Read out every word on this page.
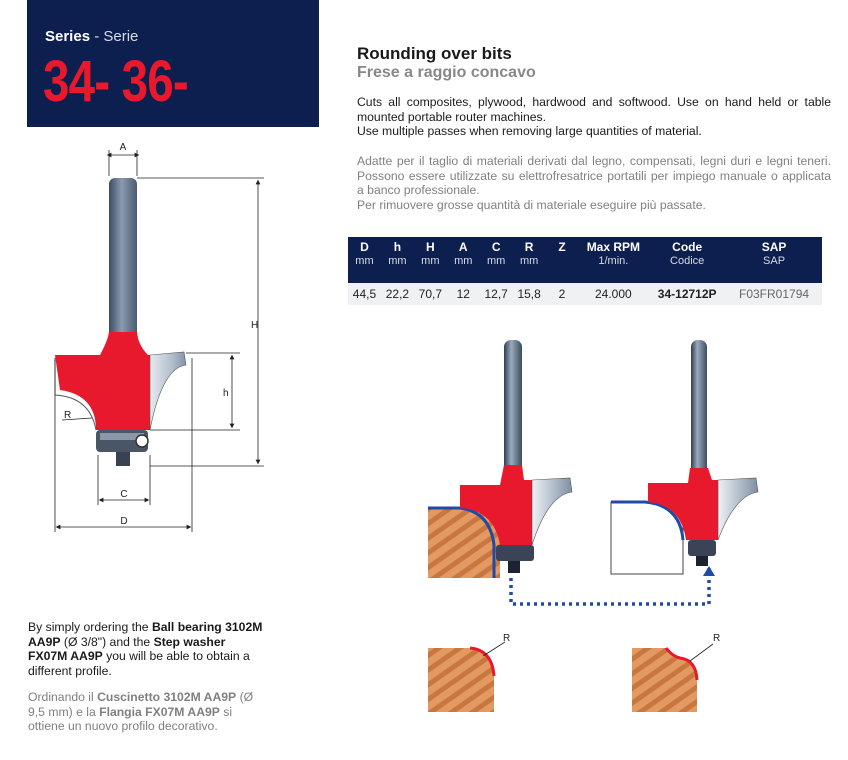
Series - Serie
34- 36-	Rounding over bits
Frese a raggio concavo
Cuts all composites, plywood, hardwood and softwood. Use on hand held or table mounted portable router machines.
Use multiple passes when removing large quantities of material.
Adatte per il taglio di materiali derivati dal legno, compensati, legni duri e legni teneri. Possono essere utilizzate su elettrofresatrice portatili per impiego manuale o applicata a banco professionale.
Per rimuovere grosse quantità di materiale eseguire più passate.
D	h	H	A	C	R	Z	Max RPM	Code	SAP
mm	mm	mm	mm	mm	mm		1/min.	Codice	SAP
44,5	22,2	70,7	12	12,7	15,8	2	24.000	34-12712P	F03FR01794
A
H
h
R
C
D
R	R
By simply ordering the Ball bearing 3102M AA9P (Ø 3/8") and the Step washer FX07M AA9P you will be able to obtain a different profile.
Ordinando il Cuscinetto 3102M AA9P (Ø 9,5 mm) e la Flangia FX07M AA9P si ottiene un nuovo profilo decorativo.
